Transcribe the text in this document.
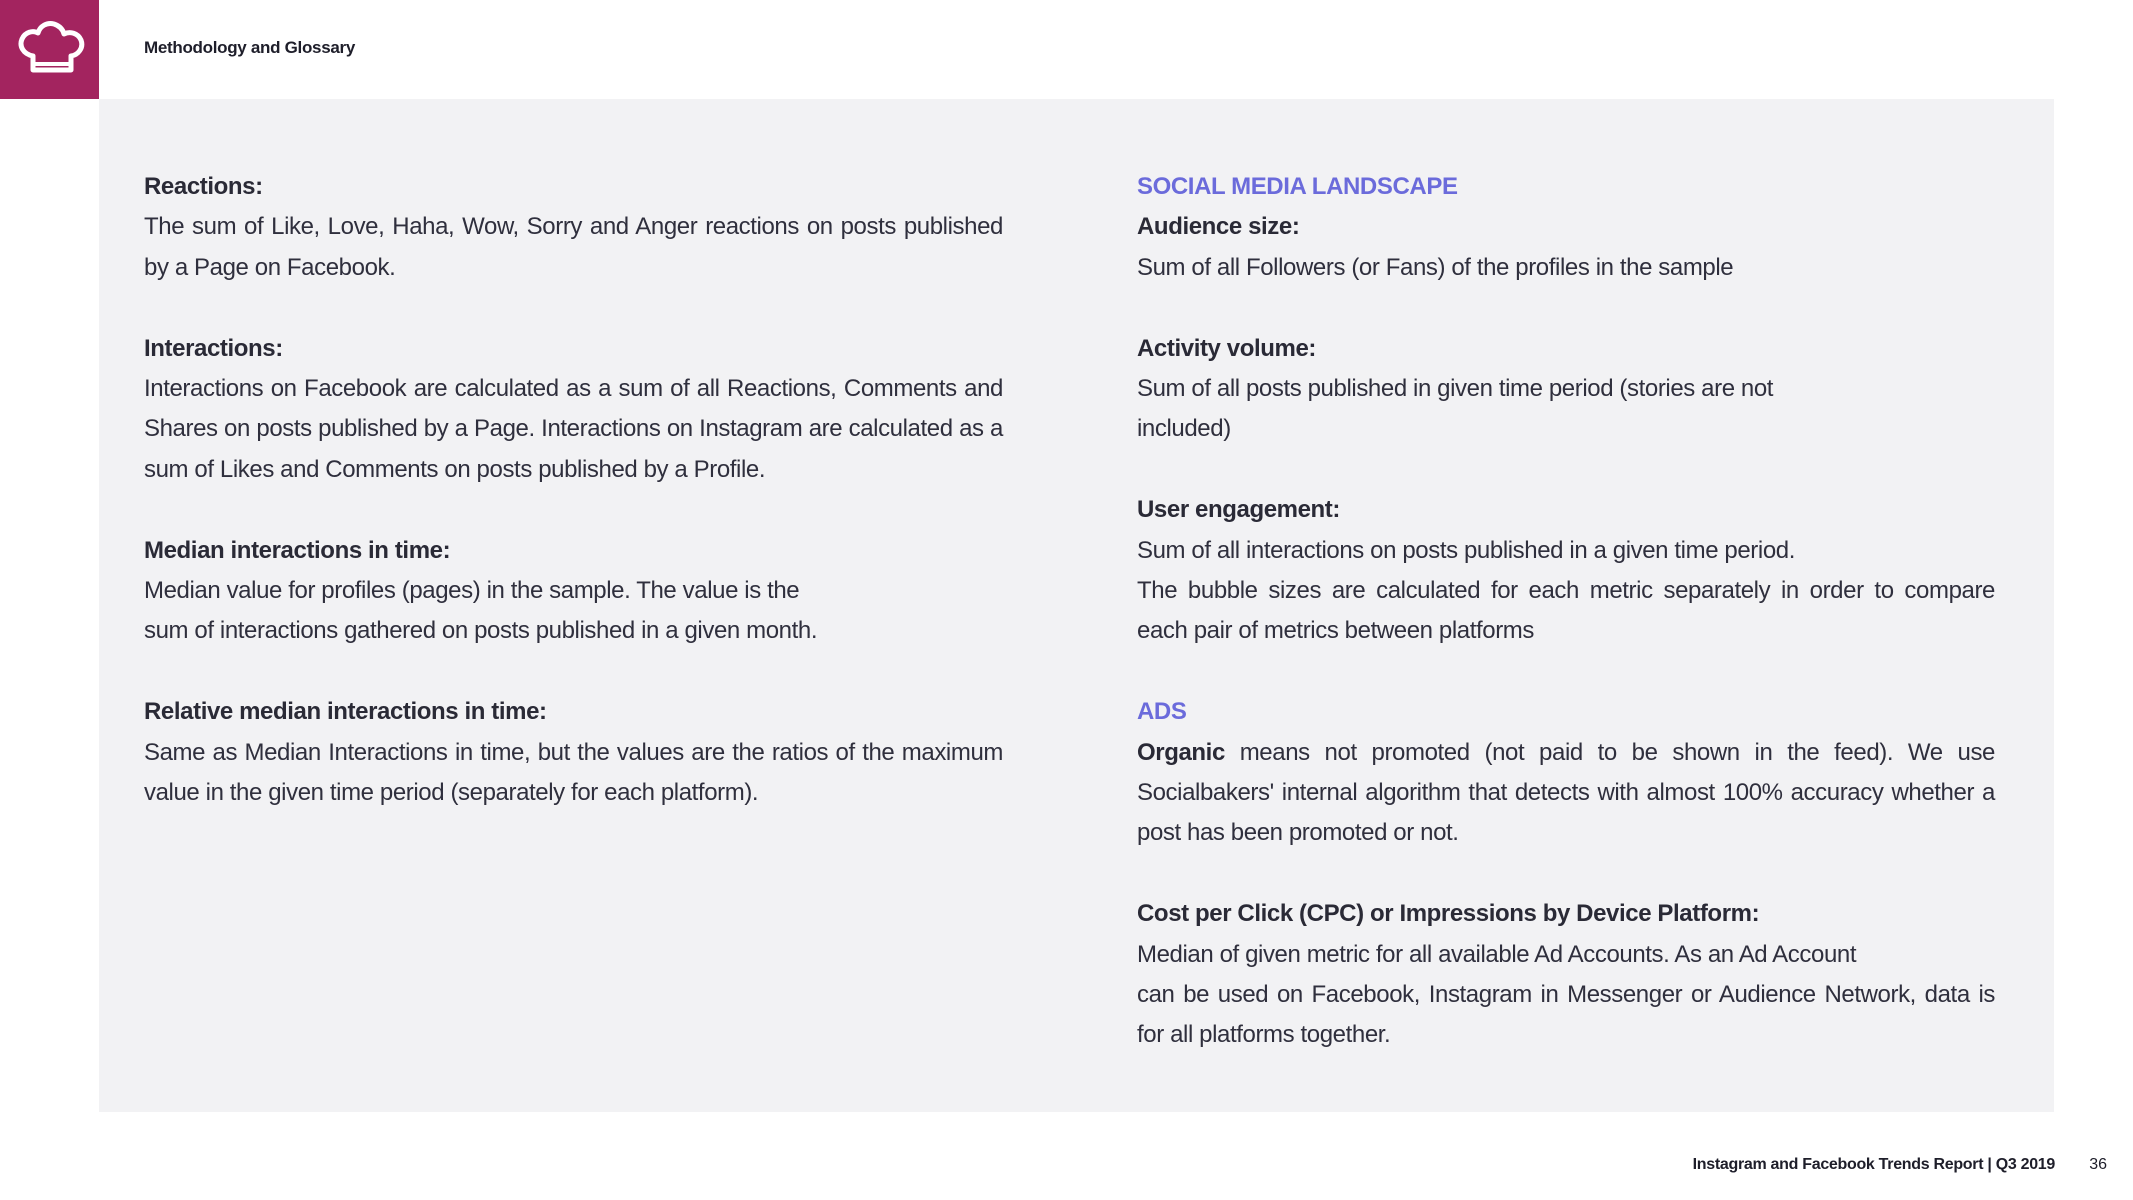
Methodology and Glossary
Reactions:
The sum of Like, Love, Haha, Wow, Sorry and Anger reactions on posts published by a Page on Facebook.
Interactions:
Interactions on Facebook are calculated as a sum of all Reactions, Comments and Shares on posts published by a Page. Interactions on Instagram are calculated as a sum of Likes and Comments on posts published by a Profile.
Median interactions in time:
Median value for profiles (pages) in the sample. The value is the
sum of interactions gathered on posts published in a given month.
Relative median interactions in time:
Same as Median Interactions in time, but the values are the ratios of the maximum value in the given time period (separately for each platform).
SOCIAL MEDIA LANDSCAPE
Audience size:
Sum of all Followers (or Fans) of the profiles in the sample
Activity volume:
Sum of all posts published in given time period (stories are not
included)
User engagement:
Sum of all interactions on posts published in a given time period.
The bubble sizes are calculated for each metric separately in order to compare each pair of metrics between platforms
ADS
Organic means not promoted (not paid to be shown in the feed). We use Socialbakers' internal algorithm that detects with almost 100% accuracy whether a post has been promoted or not.
Cost per Click (CPC) or Impressions by Device Platform:
Median of given metric for all available Ad Accounts. As an Ad Account
can be used on Facebook, Instagram in Messenger or Audience Network, data is for all platforms together.
Instagram and Facebook Trends Report | Q3 2019 36
